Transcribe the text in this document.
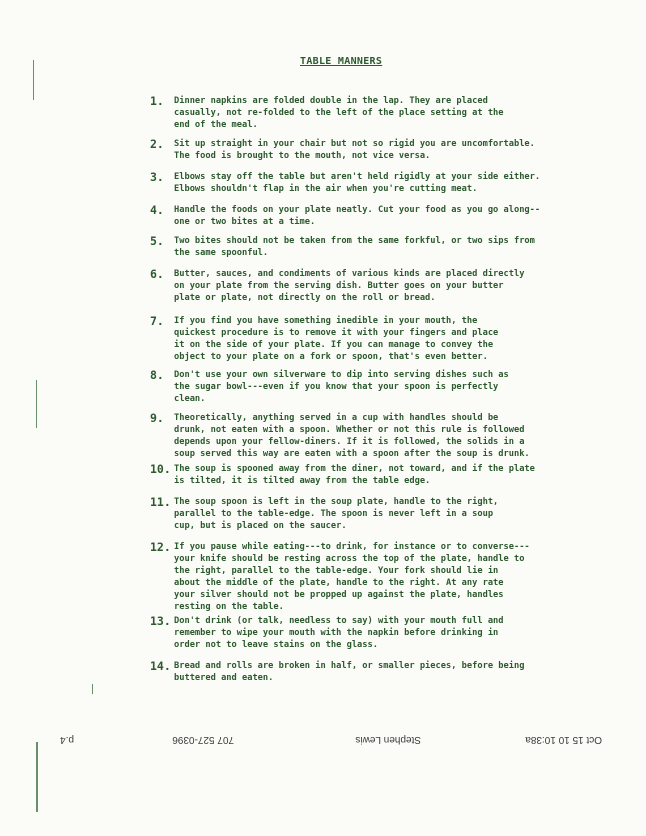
TABLE MANNERS
1. Dinner napkins are folded double in the lap. They are placed
casually, not re-folded to the left of the place setting at the
end of the meal.
2. Sit up straight in your chair but not so rigid you are uncomfortable.
The food is brought to the mouth, not vice versa.
3. Elbows stay off the table but aren't held rigidly at your side either.
Elbows shouldn't flap in the air when you're cutting meat.
4. Handle the foods on your plate neatly. Cut your food as you go along--
one or two bites at a time.
5. Two bites should not be taken from the same forkful, or two sips from
the same spoonful.
6. Butter, sauces, and condiments of various kinds are placed directly
on your plate from the serving dish. Butter goes on your butter
plate or plate, not directly on the roll or bread.
7. If you find you have something inedible in your mouth, the
quickest procedure is to remove it with your fingers and place
it on the side of your plate. If you can manage to convey the
object to your plate on a fork or spoon, that's even better.
8. Don't use your own silverware to dip into serving dishes such as
the sugar bowl---even if you know that your spoon is perfectly
clean.
9. Theoretically, anything served in a cup with handles should be
drunk, not eaten with a spoon. Whether or not this rule is followed
depends upon your fellow-diners. If it is followed, the solids in a
soup served this way are eaten with a spoon after the soup is drunk.
10. The soup is spooned away from the diner, not toward, and if the plate
is tilted, it is tilted away from the table edge.
11. The soup spoon is left in the soup plate, handle to the right,
parallel to the table-edge. The spoon is never left in a soup
cup, but is placed on the saucer.
12. If you pause while eating---to drink, for instance or to converse---
your knife should be resting across the top of the plate, handle to
the right, parallel to the table-edge. Your fork should lie in
about the middle of the plate, handle to the right. At any rate
your silver should not be propped up against the plate, handles
resting on the table.
13. Don't drink (or talk, needless to say) with your mouth full and
remember to wipe your mouth with the napkin before drinking in
order not to leave stains on the glass.
14. Bread and rolls are broken in half, or smaller pieces, before being
buttered and eaten.
Oct 15 10 10:38a
Stephen Lewis
707 527-0396
p.4
